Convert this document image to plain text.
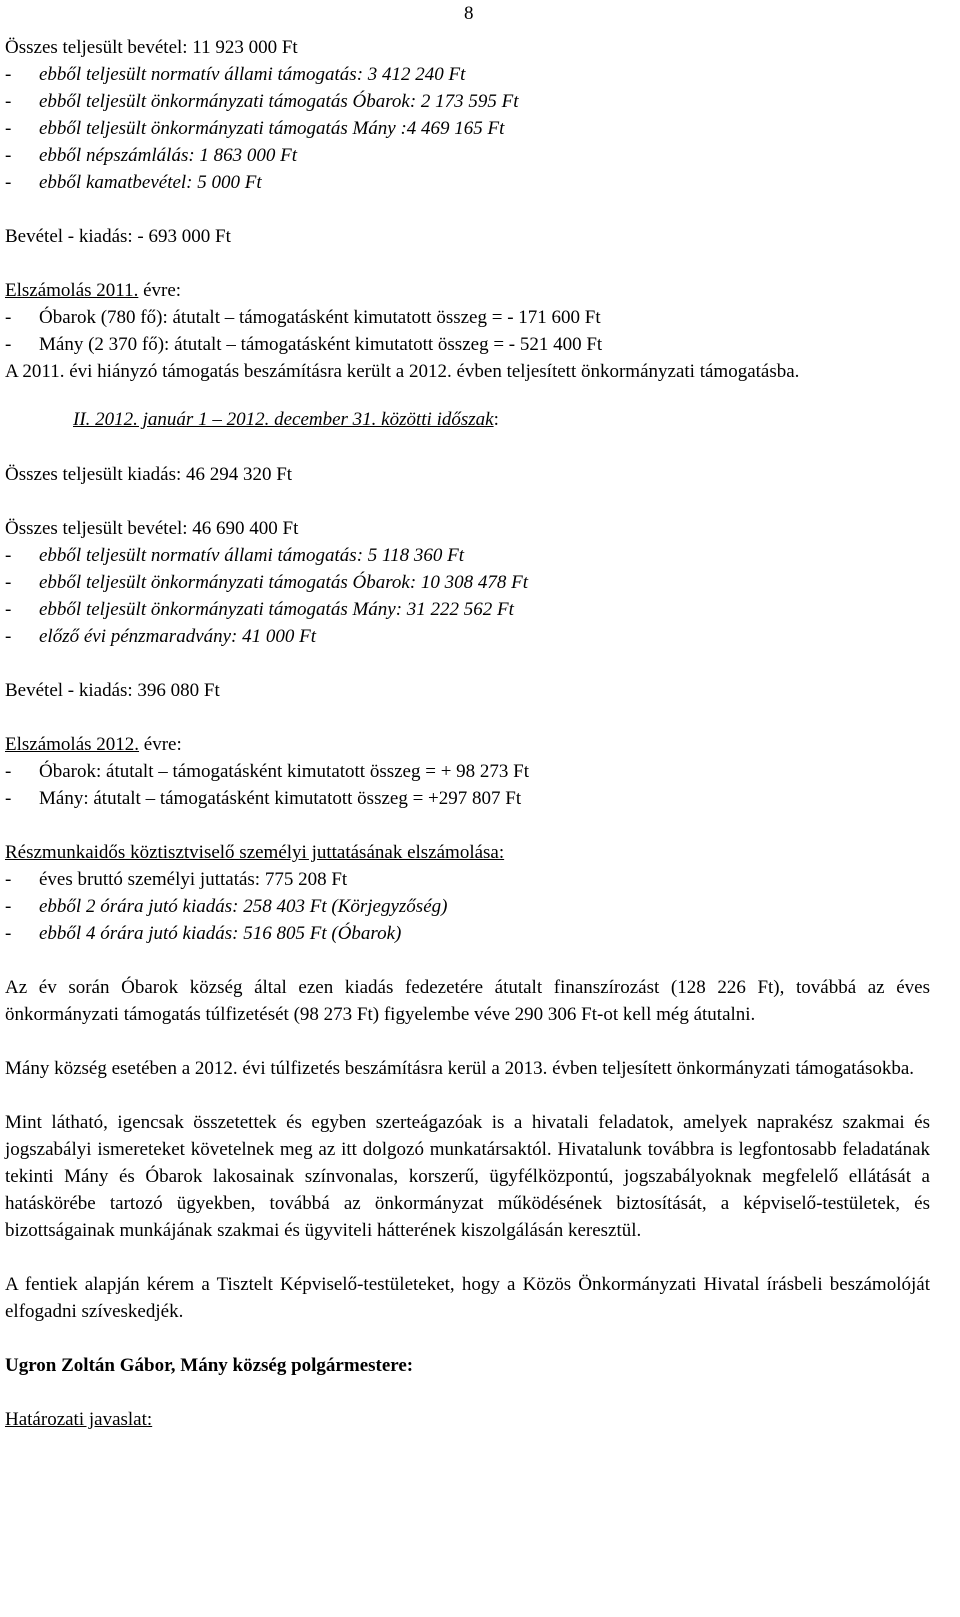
8

Összes teljesült bevétel: 11 923 000 Ft

- ebből teljesült normatív állami támogatás: 3 412 240 Ft

- ebből teljesült önkormányzati támogatás Óbarok: 2 173 595 Ft

- ebből teljesült önkormányzati támogatás Mány :4 469 165 Ft

- ebből népszámlálás: 1 863 000 Ft

- ebből kamatbevétel: 5 000 Ft

Bevétel - kiadás: - 693 000 Ft

Elszámolás 2011. évre:

- Óbarok (780 fő): átutalt – támogatásként kimutatott összeg = - 171 600 Ft

- Mány (2 370 fő): átutalt – támogatásként kimutatott összeg = - 521 400 Ft

A 2011. évi hiányzó támogatás beszámításra került a 2012. évben teljesített önkormányzati támogatásba.

II. 2012. január 1 – 2012. december 31. közötti időszak:

Összes teljesült kiadás: 46 294 320 Ft

Összes teljesült bevétel: 46 690 400 Ft

- ebből teljesült normatív állami támogatás: 5 118 360 Ft

- ebből teljesült önkormányzati támogatás Óbarok: 10 308 478 Ft

- ebből teljesült önkormányzati támogatás Mány: 31 222 562 Ft

- előző évi pénzmaradvány: 41 000 Ft

Bevétel - kiadás: 396 080 Ft

Elszámolás 2012. évre:

- Óbarok: átutalt – támogatásként kimutatott összeg = + 98 273 Ft

- Mány: átutalt – támogatásként kimutatott összeg = +297 807 Ft

Részmunkaidős köztisztviselő személyi juttatásának elszámolása:

- éves bruttó személyi juttatás: 775 208 Ft

- ebből 2 órára jutó kiadás: 258 403 Ft (Körjegyzőség)

- ebből 4 órára jutó kiadás: 516 805 Ft (Óbarok)

Az év során Óbarok község által ezen kiadás fedezetére átutalt finanszírozást (128 226 Ft), továbbá az éves önkormányzati támogatás túlfizetését (98 273 Ft) figyelembe véve 290 306 Ft-ot kell még átutalni.

Mány község esetében a 2012. évi túlfizetés beszámításra kerül a 2013. évben teljesített önkormányzati támogatásokba.

Mint látható, igencsak összetettek és egyben szerteágazóak is a hivatali feladatok, amelyek naprakész szakmai és jogszabályi ismereteket követelnek meg az itt dolgozó munkatársaktól. Hivatalunk továbbra is legfontosabb feladatának tekinti Mány és Óbarok lakosainak színvonalas, korszerű, ügyfélközpontú, jogszabályoknak megfelelő ellátását a hatáskörébe tartozó ügyekben, továbbá az önkormányzat működésének biztosítását, a képviselő-testületek, és bizottságainak munkájának szakmai és ügyviteli hátterének kiszolgálásán keresztül.

A fentiek alapján kérem a Tisztelt Képviselő-testületeket, hogy a Közös Önkormányzati Hivatal írásbeli beszámolóját elfogadni szíveskedjék.

Ugron Zoltán Gábor, Mány község polgármestere:

Határozati javaslat:
